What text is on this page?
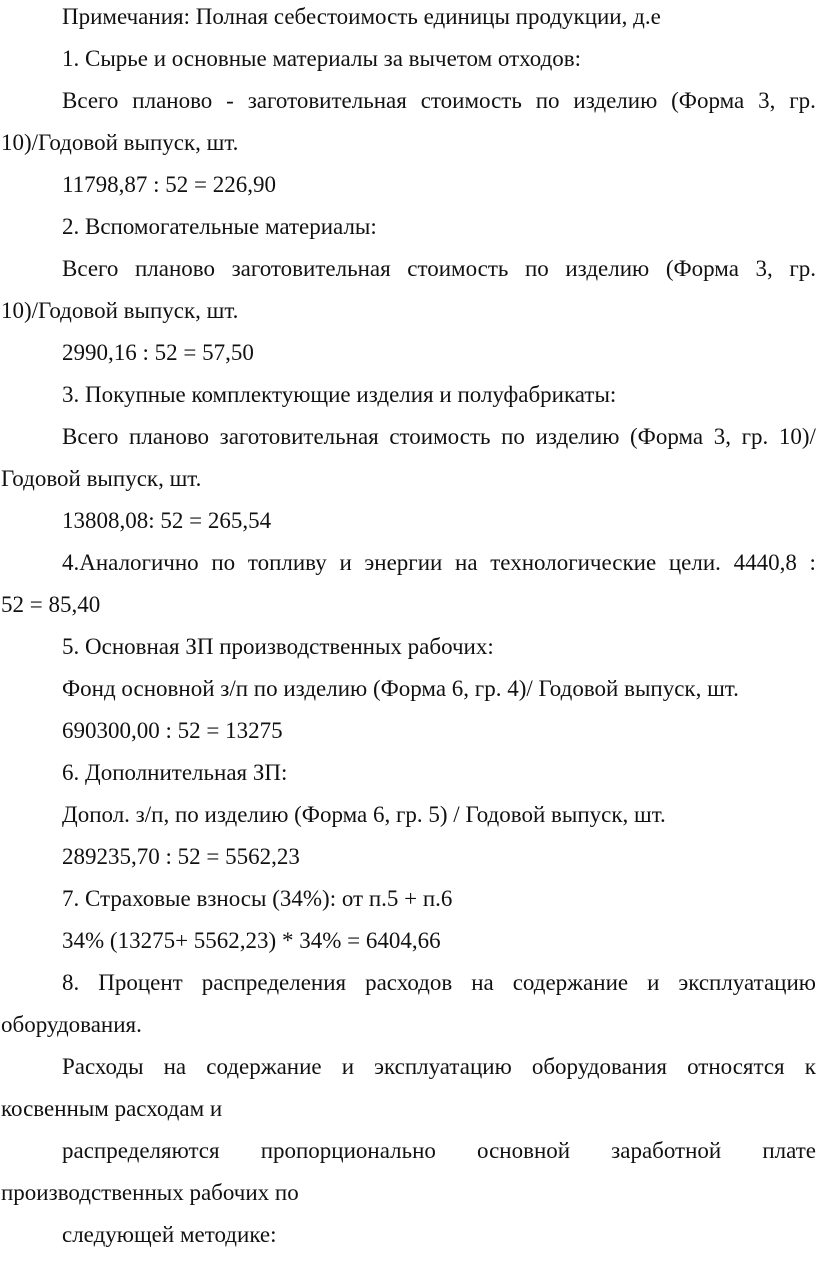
Примечания: Полная себестоимость единицы продукции, д.е
1. Сырье и основные материалы за вычетом отходов:
Всего планово - заготовительная стоимость по изделию (Форма 3, гр.
10)/Годовой выпуск, шт.
11798,87 : 52 = 226,90
2. Вспомогательные материалы:
Всего планово заготовительная стоимость по изделию (Форма 3, гр.
10)/Годовой выпуск, шт.
2990,16 : 52 = 57,50
3. Покупные комплектующие изделия и полуфабрикаты:
Всего планово заготовительная стоимость по изделию (Форма 3, гр. 10)/
Годовой выпуск, шт.
13808,08: 52 = 265,54
4.Аналогично по топливу и энергии на технологические цели. 4440,8 :
52 = 85,40
5. Основная ЗП производственных рабочих:
Фонд основной з/п по изделию (Форма 6, гр. 4)/ Годовой выпуск, шт.
690300,00 : 52 = 13275
6. Дополнительная ЗП:
Допол. з/п, по изделию (Форма 6, гр. 5) / Годовой выпуск, шт.
289235,70 : 52 = 5562,23
7. Страховые взносы (34%): от п.5 + п.6
34% (13275+ 5562,23) * 34% = 6404,66
8. Процент распределения расходов на содержание и эксплуатацию
оборудования.
Расходы на содержание и эксплуатацию оборудования относятся к
косвенным расходам и
распределяются пропорционально основной заработной плате
производственных рабочих по
следующей методике:
